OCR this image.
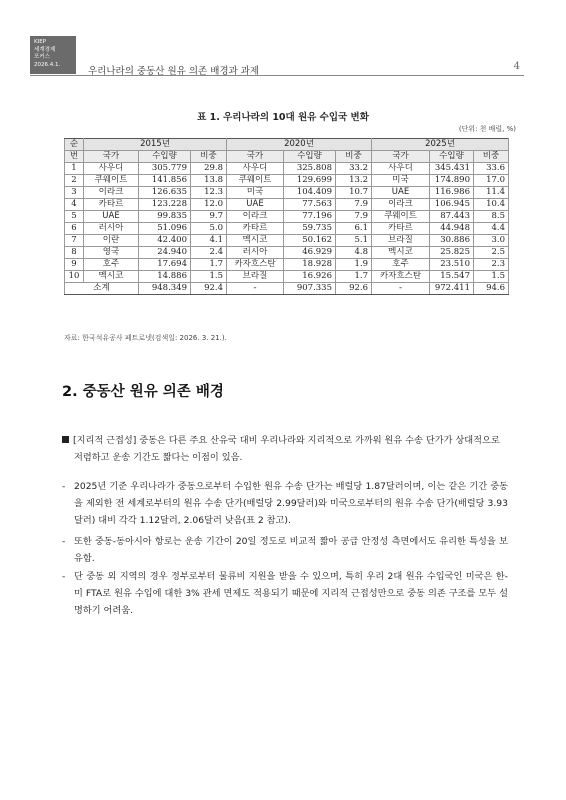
KIEP
세계경제
포커스
2026.4.1.
우리나라의 중동산 원유 의존 배경과 과제	4
표 1. 우리나라의 10대 원유 수입국 변화
(단위: 천 배럴, %)
순	2015년			2020년			2025년		
번	국가	수입량	비중	국가	수입량	비중	국가	수입량	비중
1	사우디	305.779	29.8	사우디	325.808	33.2	사우디	345.431	33.6
2	쿠웨이트	141.856	13.8	쿠웨이트	129.699	13.2	미국	174.890	17.0
3	이라크	126.635	12.3	미국	104.409	10.7	UAE	116.986	11.4
4	카타르	123.228	12.0	UAE	77.563	7.9	이라크	106.945	10.4
5	UAE	99.835	9.7	이라크	77.196	7.9	쿠웨이트	87.443	8.5
6	러시아	51.096	5.0	카타르	59.735	6.1	카타르	44.948	4.4
7	이란	42.400	4.1	멕시코	50.162	5.1	브라질	30.886	3.0
8	영국	24.940	2.4	러시아	46.929	4.8	멕시코	25.825	2.5
9	호주	17.694	1.7	카자흐스탄	18.928	1.9	호주	23.510	2.3
10	멕시코	14.886	1.5	브라질	16.926	1.7	카자흐스탄	15.547	1.5
소계		948.349	92.4	-	907.335	92.6	-	972.411	94.6
자료: 한국석유공사 페트로넷(검색일: 2026. 3. 21.).
2. 중동산 원유 의존 배경
[지리적 근접성] 중동은 다른 주요 산유국 대비 우리나라와 지리적으로 가까워 원유 수송 단가가 상대적으로
저렴하고 운송 기간도 짧다는 이점이 있음.
- 2025년 기준 우리나라가 중동으로부터 수입한 원유 수송 단가는 배럴당 1.87달러이며, 이는 같은 기간 중동을 제외한 전 세계로부터의 원유 수송 단가(배럴당 2.99달러)와 미국으로부터의 원유 수송 단가(배럴당 3.93 달러) 대비 각각 1.12달러, 2.06달러 낮음(표 2 참고).
- 또한 중동-동아시아 항로는 운송 기간이 20일 정도로 비교적 짧아 공급 안정성 측면에서도 유리한 특성을 보유함.
- 단 중동 외 지역의 경우 정부로부터 물류비 지원을 받을 수 있으며, 특히 우리 2대 원유 수입국인 미국은 한-미 FTA로 원유 수입에 대한 3% 관세 면제도 적용되기 때문에 지리적 근접성만으로 중동 의존 구조를 모두 설명하기 어려움.
